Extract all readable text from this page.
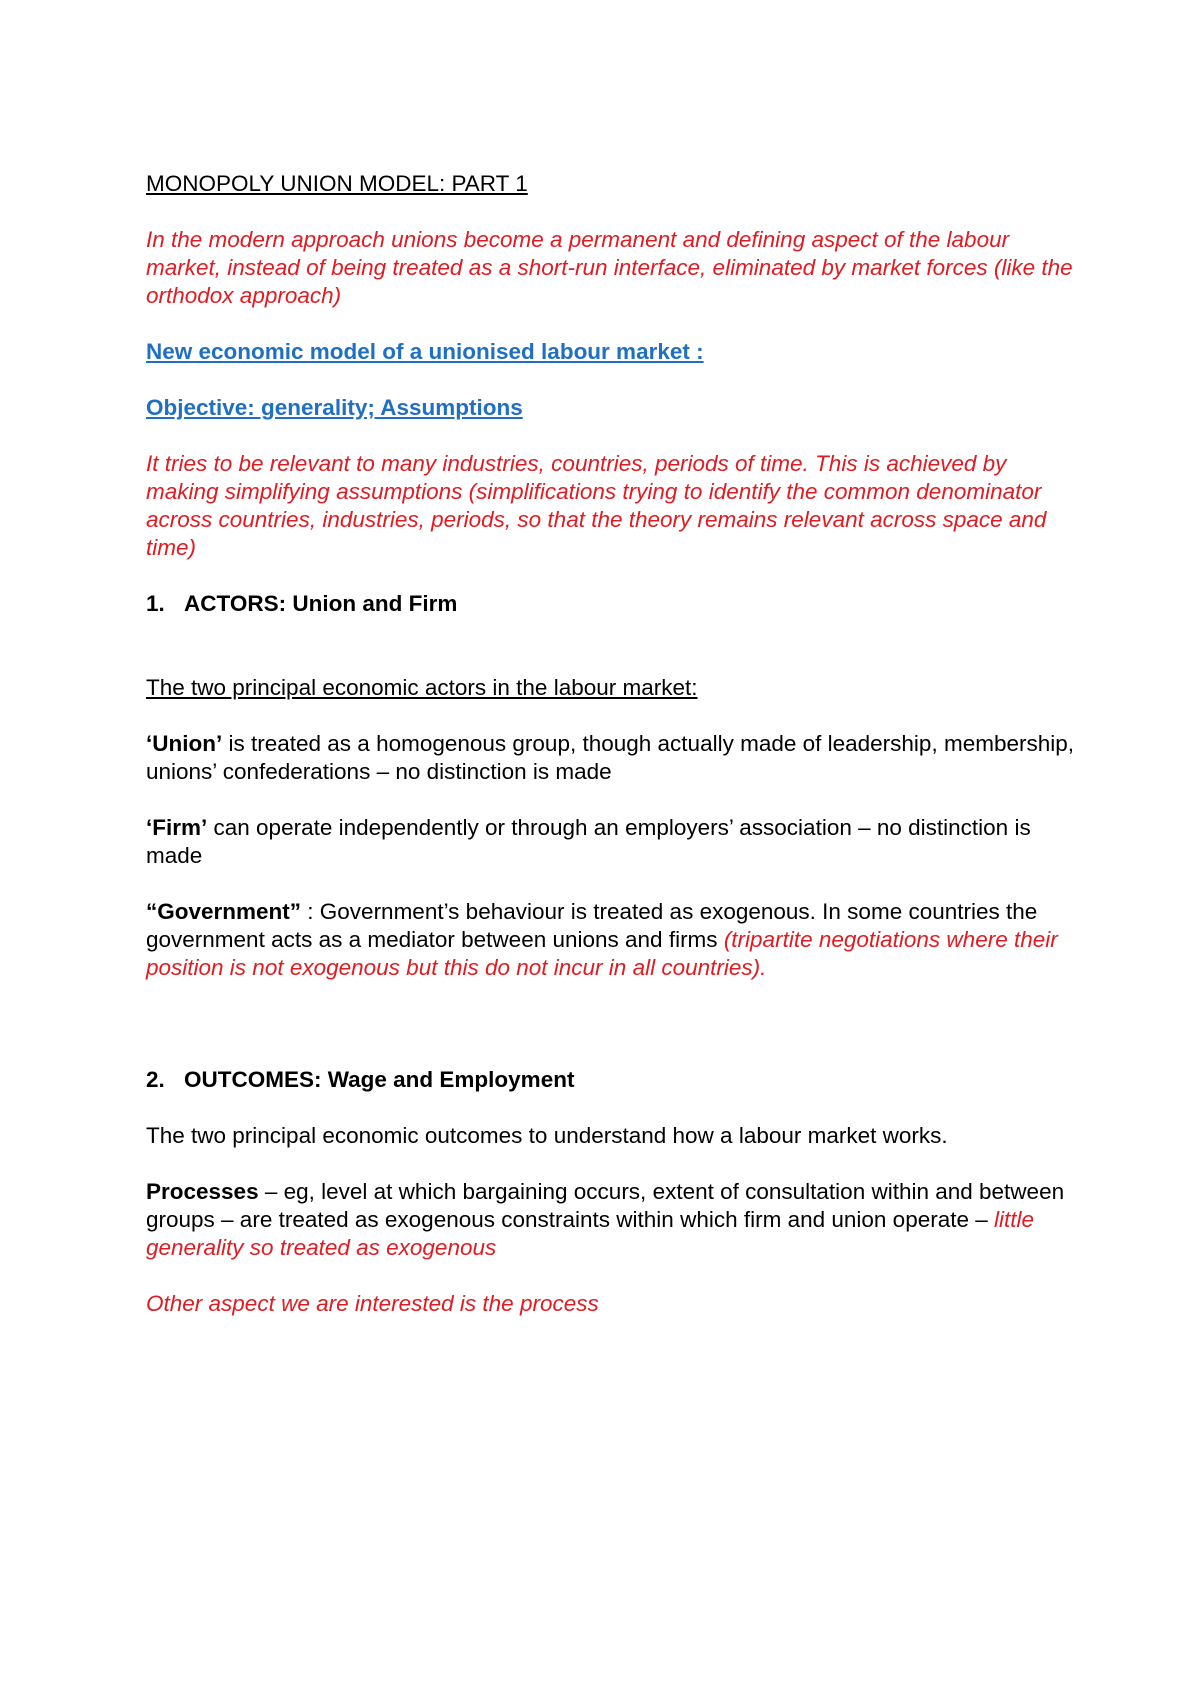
MONOPOLY UNION MODEL: PART 1

In the modern approach unions become a permanent and defining aspect of the labour market, instead of being treated as a short-run interface, eliminated by market forces (like the orthodox approach)

New economic model of a unionised labour market :

Objective: generality; Assumptions

It tries to be relevant to many industries, countries, periods of time. This is achieved by making simplifying assumptions (simplifications trying to identify the common denominator across countries, industries, periods, so that the theory remains relevant across space and time)

1. ACTORS: Union and Firm

The two principal economic actors in the labour market:

‘Union’ is treated as a homogenous group, though actually made of leadership, membership, unions’ confederations – no distinction is made

‘Firm’ can operate independently or through an employers’ association – no distinction is made

“Government” : Government’s behaviour is treated as exogenous. In some countries the government acts as a mediator between unions and firms (tripartite negotiations where their position is not exogenous but this do not incur in all countries).

2. OUTCOMES: Wage and Employment

The two principal economic outcomes to understand how a labour market works.

Processes – eg, level at which bargaining occurs, extent of consultation within and between groups – are treated as exogenous constraints within which firm and union operate – little generality so treated as exogenous

Other aspect we are interested is the process
